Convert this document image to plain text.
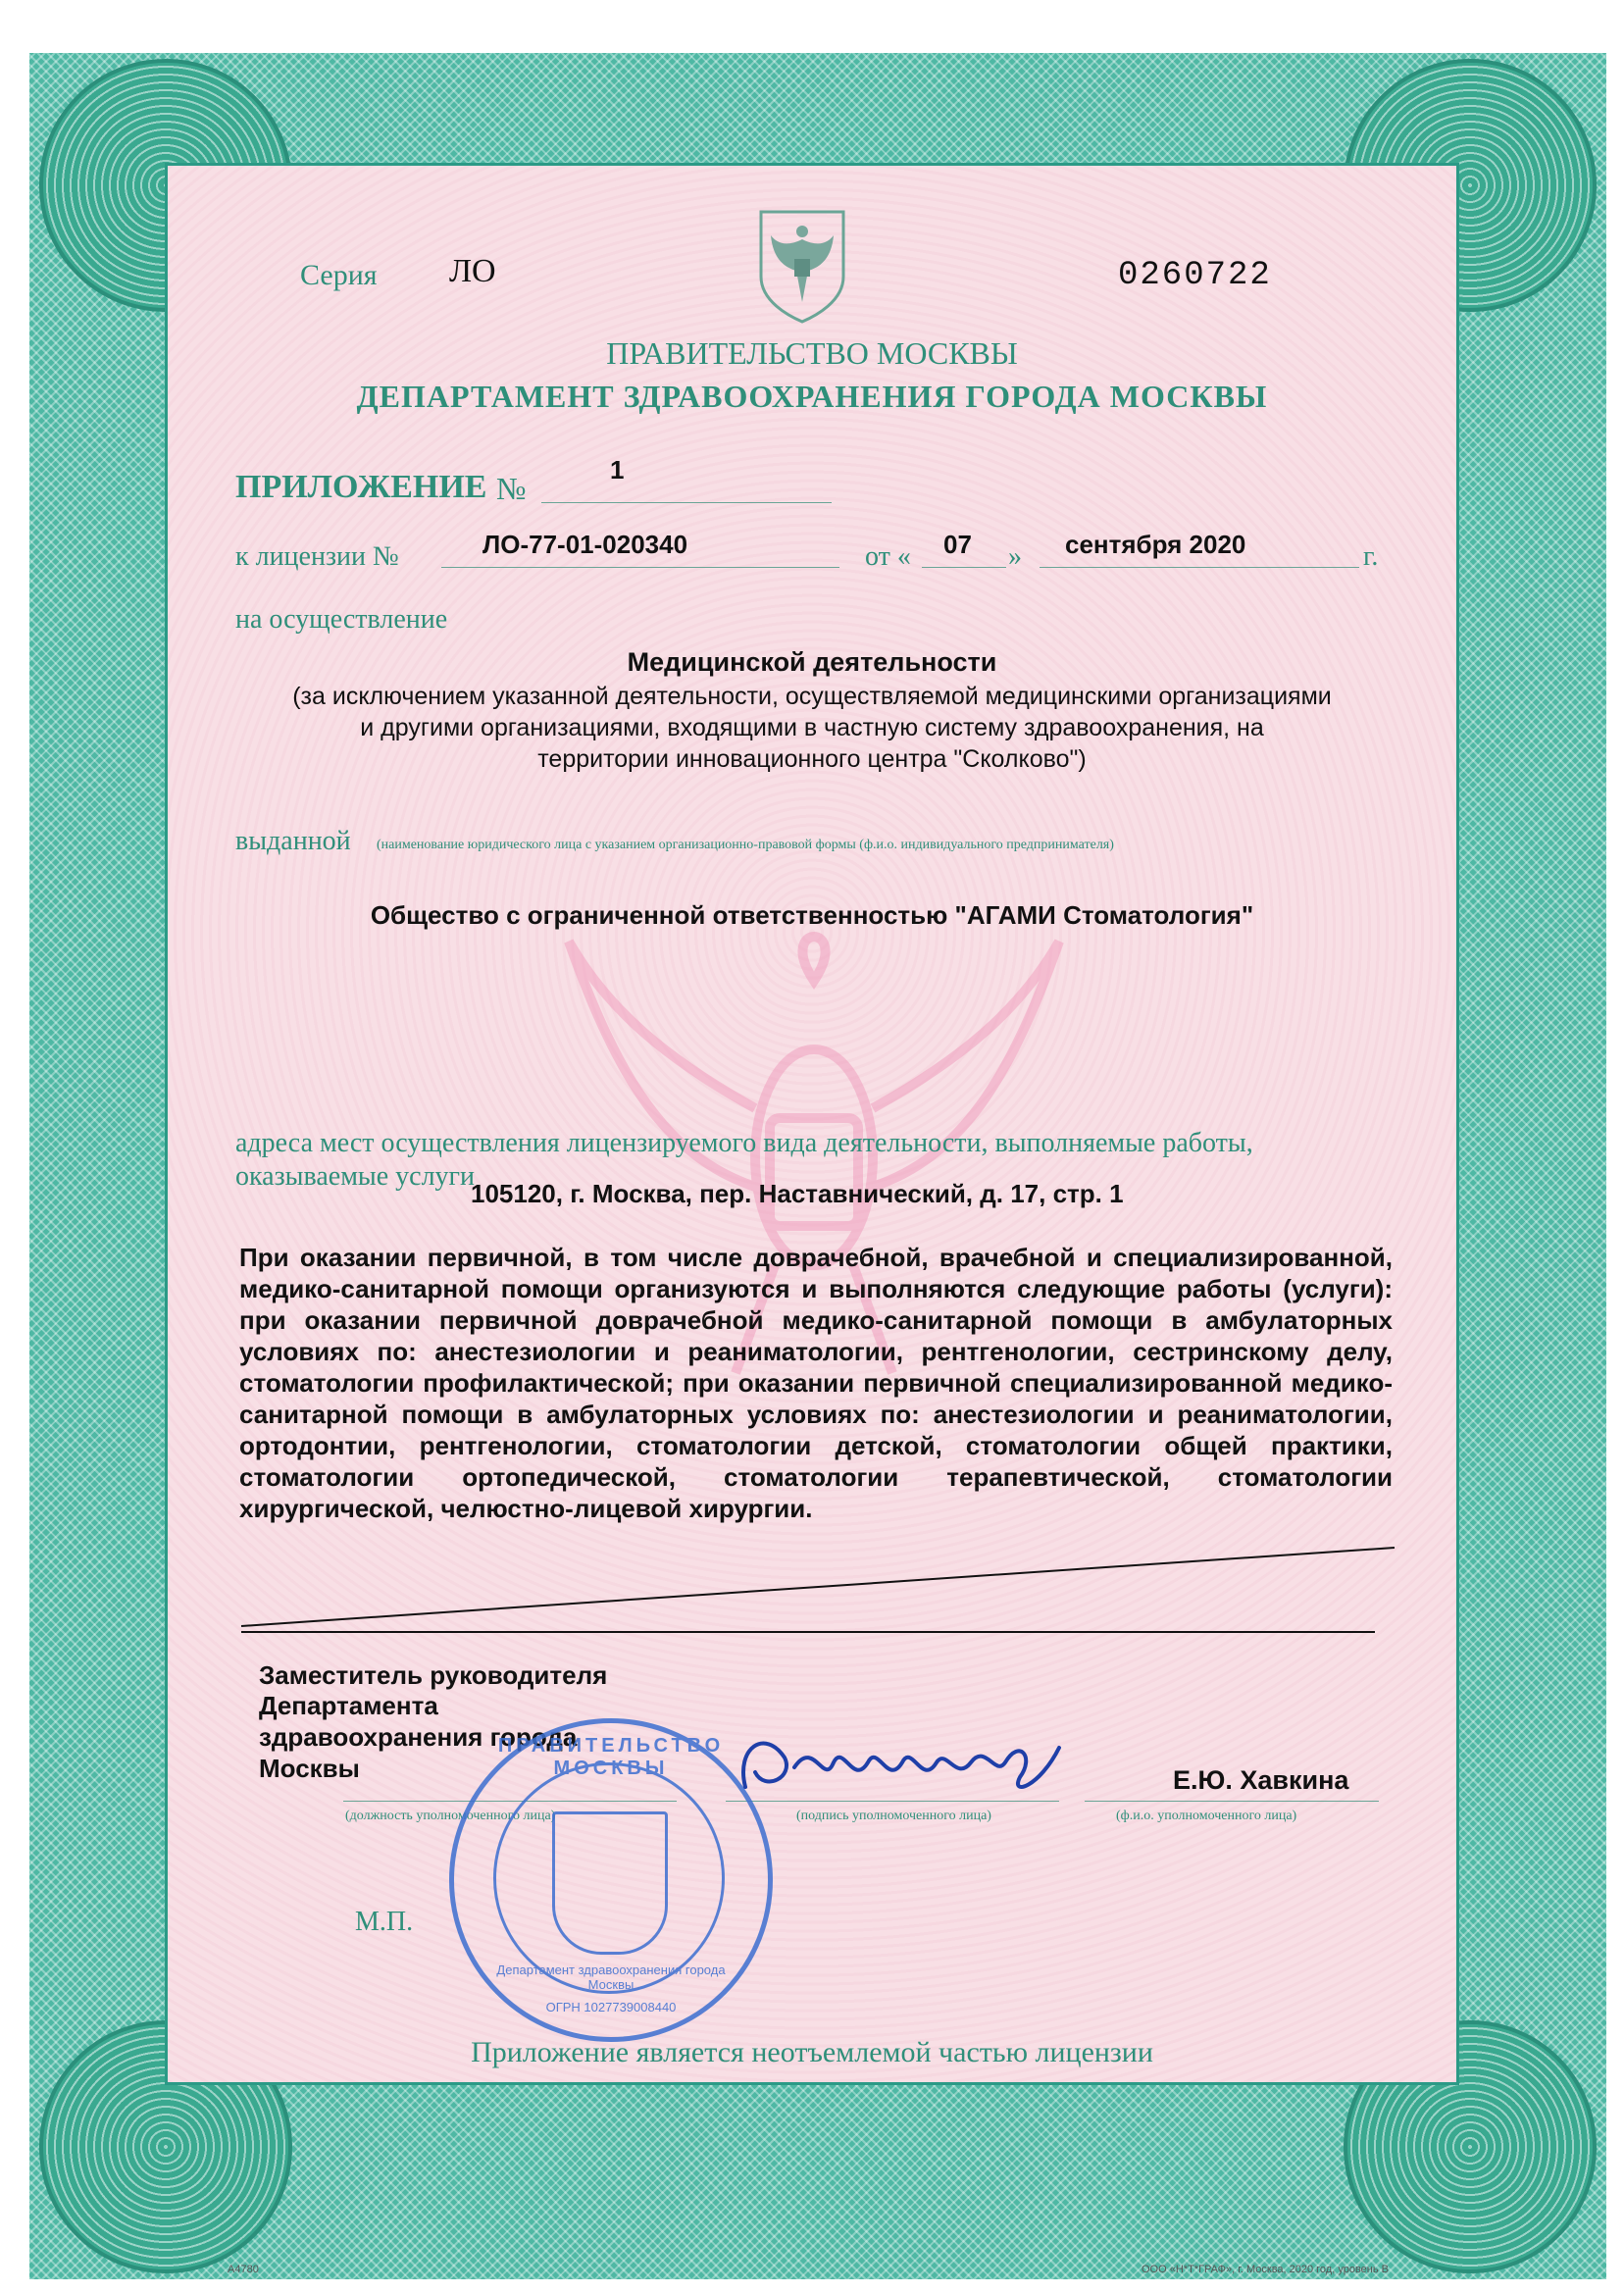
Серия ЛО	0260722
ПРАВИТЕЛЬСТВО МОСКВЫ
ДЕПАРТАМЕНТ ЗДРАВООХРАНЕНИЯ ГОРОДА МОСКВЫ
ПРИЛОЖЕНИЕ №
1
к лицензии №	ЛО-77-01-020340	от « 07 » сентября 2020	г.
на осуществление
Медицинской деятельности
(за исключением указанной деятельности, осуществляемой медицинскими организациями
и другими организациями, входящими в частную систему здравоохранения, на
территории инновационного центра "Сколково")
выданной (наименование юридического лица с указанием организационно-правовой формы (ф.и.о. индивидуального предпринимателя)
Общество с ограниченной ответственностью "АГАМИ Стоматология"
адреса мест осуществления лицензируемого вида деятельности, выполняемые работы,
оказываемые услуги
105120, г. Москва, пер. Наставнический, д. 17, стр. 1
При оказании первичной, в том числе доврачебной, врачебной и специализированной, медико-санитарной помощи организуются и выполняются следующие работы (услуги): при оказании первичной доврачебной медико-санитарной помощи в амбулаторных условиях по: анестезиологии и реаниматологии, рентгенологии, сестринскому делу, стоматологии профилактической; при оказании первичной специализированной медико-санитарной помощи в амбулаторных условиях по: анестезиологии и реаниматологии, ортодонтии, рентгенологии, стоматологии детской, стоматологии общей практики, стоматологии ортопедической, стоматологии терапевтической, стоматологии хирургической, челюстно-лицевой хирургии.
Заместитель руководителя
Департамента
здравоохранения города
Москвы	Е.Ю. Хавкина
(должность уполномоченного лица)	(подпись уполномоченного лица)	(ф.и.о. уполномоченного лица)
М.П.
ПРАВИТЕЛЬСТВО МОСКВЫ
Департамент здравоохранения города Москвы
ОГРН 1027739008440
Приложение является неотъемлемой частью лицензии
А4780	ООО «Н*Т*ГРАФ», г. Москва, 2020 год, уровень В
